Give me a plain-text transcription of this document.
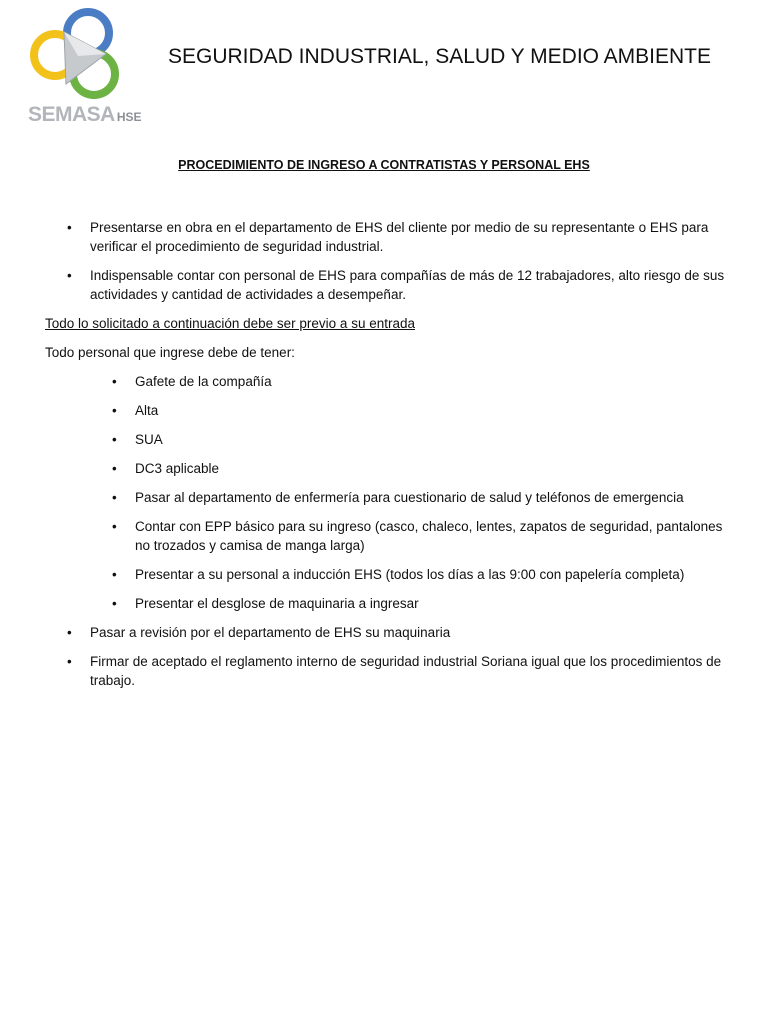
SEMASA HSE
SEGURIDAD INDUSTRIAL, SALUD Y MEDIO AMBIENTE
PROCEDIMIENTO DE INGRESO A CONTRATISTAS Y PERSONAL EHS
• Presentarse en obra en el departamento de EHS del cliente por medio de su representante o EHS para verificar el procedimiento de seguridad industrial.
• Indispensable contar con personal de EHS para compañías de más de 12 trabajadores, alto riesgo de sus actividades y cantidad de actividades a desempeñar.

Todo lo solicitado a continuación debe ser previo a su entrada

Todo personal que ingrese debe de tener:

• Gafete de la compañía
• Alta
• SUA
• DC3 aplicable
• Pasar al departamento de enfermería para cuestionario de salud y teléfonos de emergencia
• Contar con EPP básico para su ingreso (casco, chaleco, lentes, zapatos de seguridad, pantalones no trozados y camisa de manga larga)
• Presentar a su personal a inducción EHS (todos los días a las 9:00 con papelería completa)
• Presentar el desglose de maquinaria a ingresar
• Pasar a revisión por el departamento de EHS su maquinaria
• Firmar de aceptado el reglamento interno de seguridad industrial Soriana igual que los procedimientos de trabajo.
